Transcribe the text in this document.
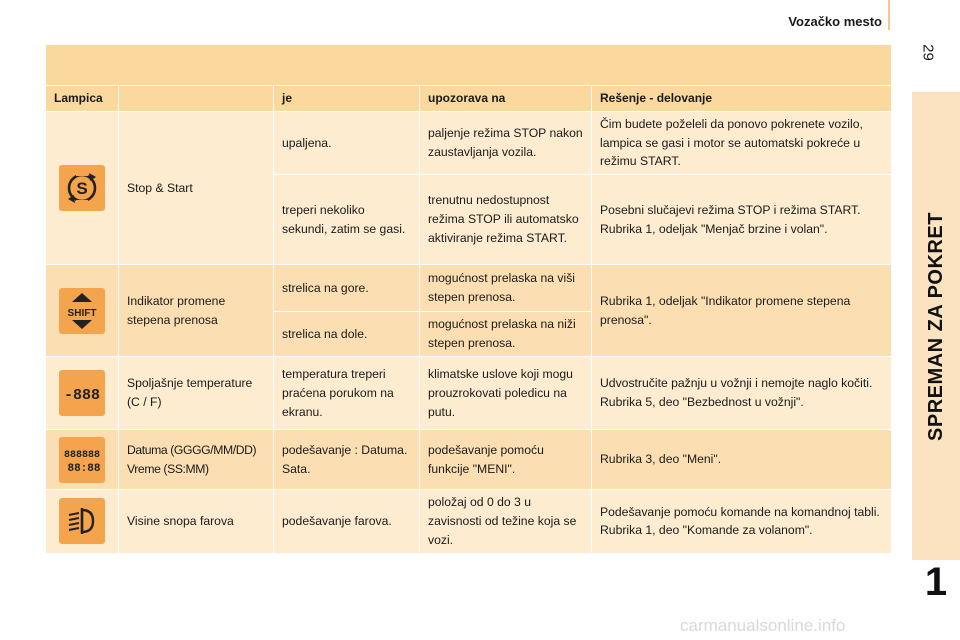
Vozačko mesto
29
SPREMAN ZA POKRET
1

Lampica		je	upozorava na	Rešenje - delovanje

S	Stop & Start	upaljena.	paljenje režima STOP nakon zaustavljanja vozila.	Čim budete poželeli da ponovo pokrenete vozilo, lampica se gasi i motor se automatski pokreće u režimu START.
		treperi nekoliko sekundi, zatim se gasi.	trenutnu nedostupnost režima STOP ili automatsko aktiviranje režima START.	Posebni slučajevi režima STOP i režima START. Rubrika 1, odeljak "Menjač brzine i volan".

SHIFT	Indikator promene stepena prenosa	strelica na gore.	mogućnost prelaska na viši stepen prenosa.	Rubrika 1, odeljak "Indikator promene stepena prenosa".
		strelica na dole.	mogućnost prelaska na niži stepen prenosa.	

-888	Spoljašnje temperature (C / F)	temperatura treperi praćena porukom na ekranu.	klimatske uslove koji mogu prouzrokovati poledicu na putu.	Udvostručite pažnju u vožnji i nemojte naglo kočiti. Rubrika 5, deo "Bezbednost u vožnji".

888888
88:88	Datuma (GGGG/MM/DD) Vreme (SS:MM)	podešavanje : Datuma. Sata.	podešavanje pomoću funkcije "MENI".	Rubrika 3, deo "Meni".

	Visine snopa farova	podešavanje farova.	položaj od 0 do 3 u zavisnosti od težine koja se vozi.	Podešavanje pomoću komande na komandnoj tabli. Rubrika 1, deo "Komande za volanom".
carmanualsonline.info
